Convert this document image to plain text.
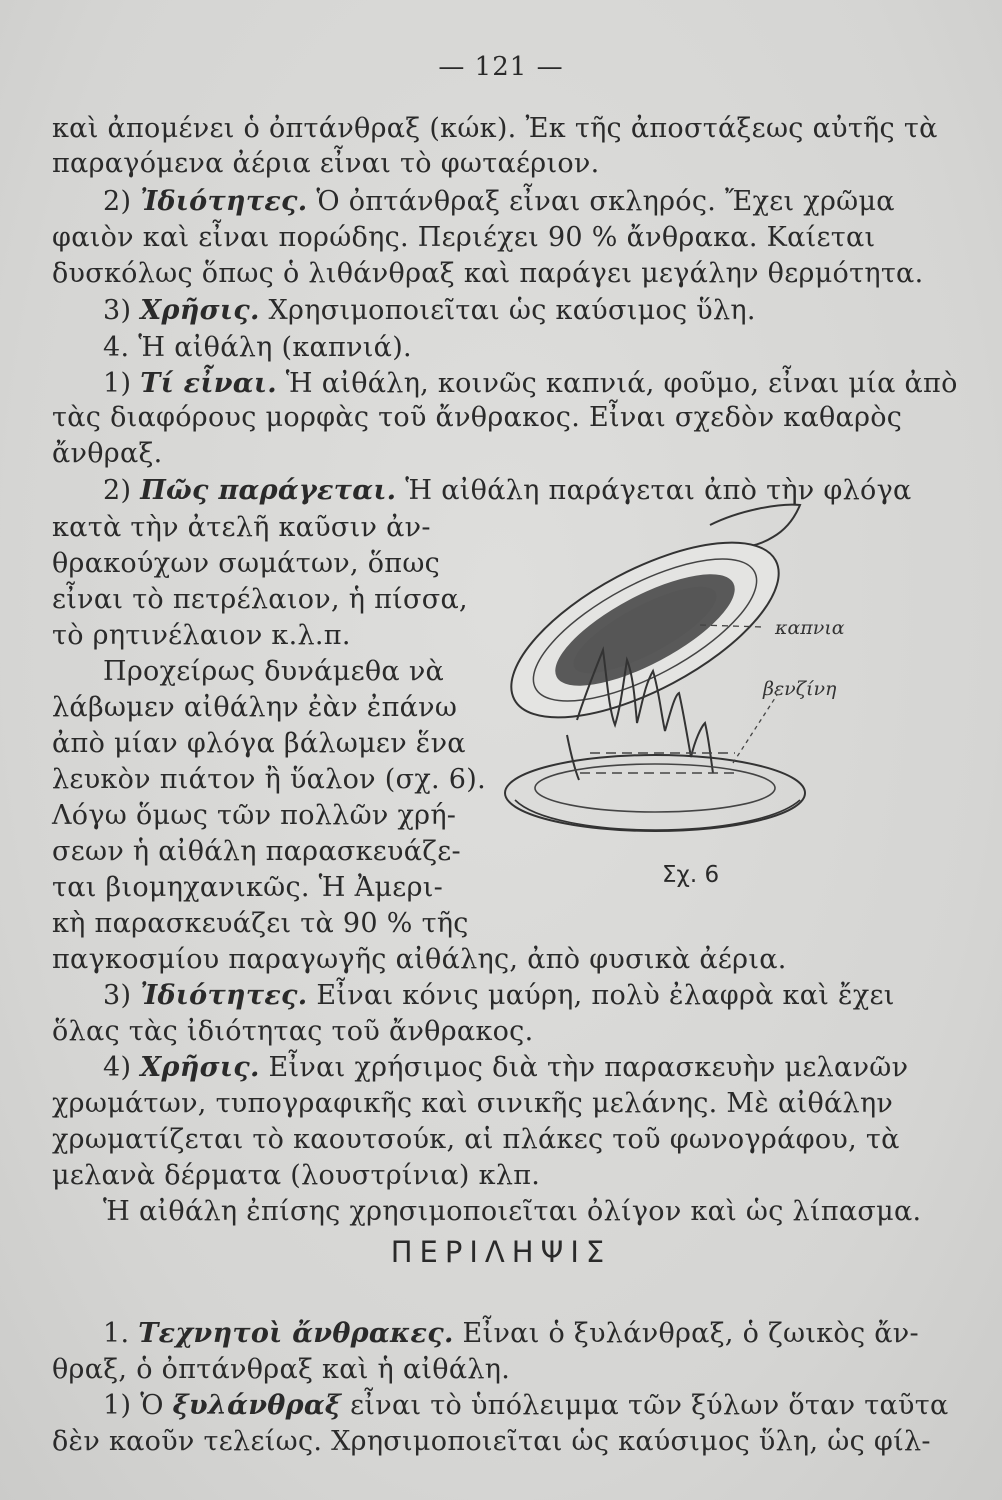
— 121 —
καὶ ἀπομένει ὁ ὀπτάνθραξ (κώκ). Ἐκ τῆς ἀποστάξεως αὐτῆς τὰ
παραγόμενα ἀέρια εἶναι τὸ φωταέριον.
2) Ἰδιότητες. Ὁ ὀπτάνθραξ εἶναι σκληρός. Ἔχει χρῶμα
φαιὸν καὶ εἶναι πορώδης. Περιέχει 90 % ἄνθρακα. Καίεται
δυσκόλως ὅπως ὁ λιθάνθραξ καὶ παράγει μεγάλην θερμότητα.
3) Χρῆσις. Χρησιμοποιεῖται ὡς καύσιμος ὕλη.
4. Ἡ αἰθάλη (καπνιά).
1) Τί εἶναι. Ἡ αἰθάλη, κοινῶς καπνιά, φοῦμο, εἶναι μία ἀπὸ
τὰς διαφόρους μορφὰς τοῦ ἄνθρακος. Εἶναι σχεδὸν καθαρὸς
ἄνθραξ.
2) Πῶς παράγεται. Ἡ αἰθάλη παράγεται ἀπὸ τὴν φλόγα
κατὰ τὴν ἀτελῆ καῦσιν ἀν-
θρακούχων σωμάτων, ὅπως
εἶναι τὸ πετρέλαιον, ἡ πίσσα,
τὸ ρητινέλαιον κ.λ.π.
Προχείρως δυνάμεθα νὰ
λάβωμεν αἰθάλην ἐὰν ἐπάνω
ἀπὸ μίαν φλόγα βάλωμεν ἕνα
λευκὸν πιάτον ἢ ὕαλον (σχ. 6).
Λόγω ὅμως τῶν πολλῶν χρή-
σεων ἡ αἰθάλη παρασκευάζε-
ται βιομηχανικῶς. Ἡ Ἀμερι-
κὴ παρασκευάζει τὰ 90 % τῆς
παγκοσμίου παραγωγῆς αἰθάλης, ἀπὸ φυσικὰ ἀέρια.
3) Ἰδιότητες. Εἶναι κόνις μαύρη, πολὺ ἐλαφρὰ καὶ ἔχει
ὅλας τὰς ἰδιότητας τοῦ ἄνθρακος.
4) Χρῆσις. Εἶναι χρήσιμος διὰ τὴν παρασκευὴν μελανῶν
χρωμάτων, τυπογραφικῆς καὶ σινικῆς μελάνης. Μὲ αἰθάλην
χρωματίζεται τὸ καουτσούκ, αἱ πλάκες τοῦ φωνογράφου, τὰ
μελανὰ δέρματα (λουστρίνια) κλπ.
Ἡ αἰθάλη ἐπίσης χρησιμοποιεῖται ὀλίγον καὶ ὡς λίπασμα.
ΠΕΡΙΛΗΨΙΣ
1. Τεχνητοὶ ἄνθρακες. Εἶναι ὁ ξυλάνθραξ, ὁ ζωικὸς ἄν-
θραξ, ὁ ὀπτάνθραξ καὶ ἡ αἰθάλη.
1) Ὁ ξυλάνθραξ εἶναι τὸ ὑπόλειμμα τῶν ξύλων ὅταν ταῦτα
δὲν καοῦν τελείως. Χρησιμοποιεῖται ὡς καύσιμος ὕλη, ὡς φίλ-
καπνια
βενζίνη
Σχ. 6
